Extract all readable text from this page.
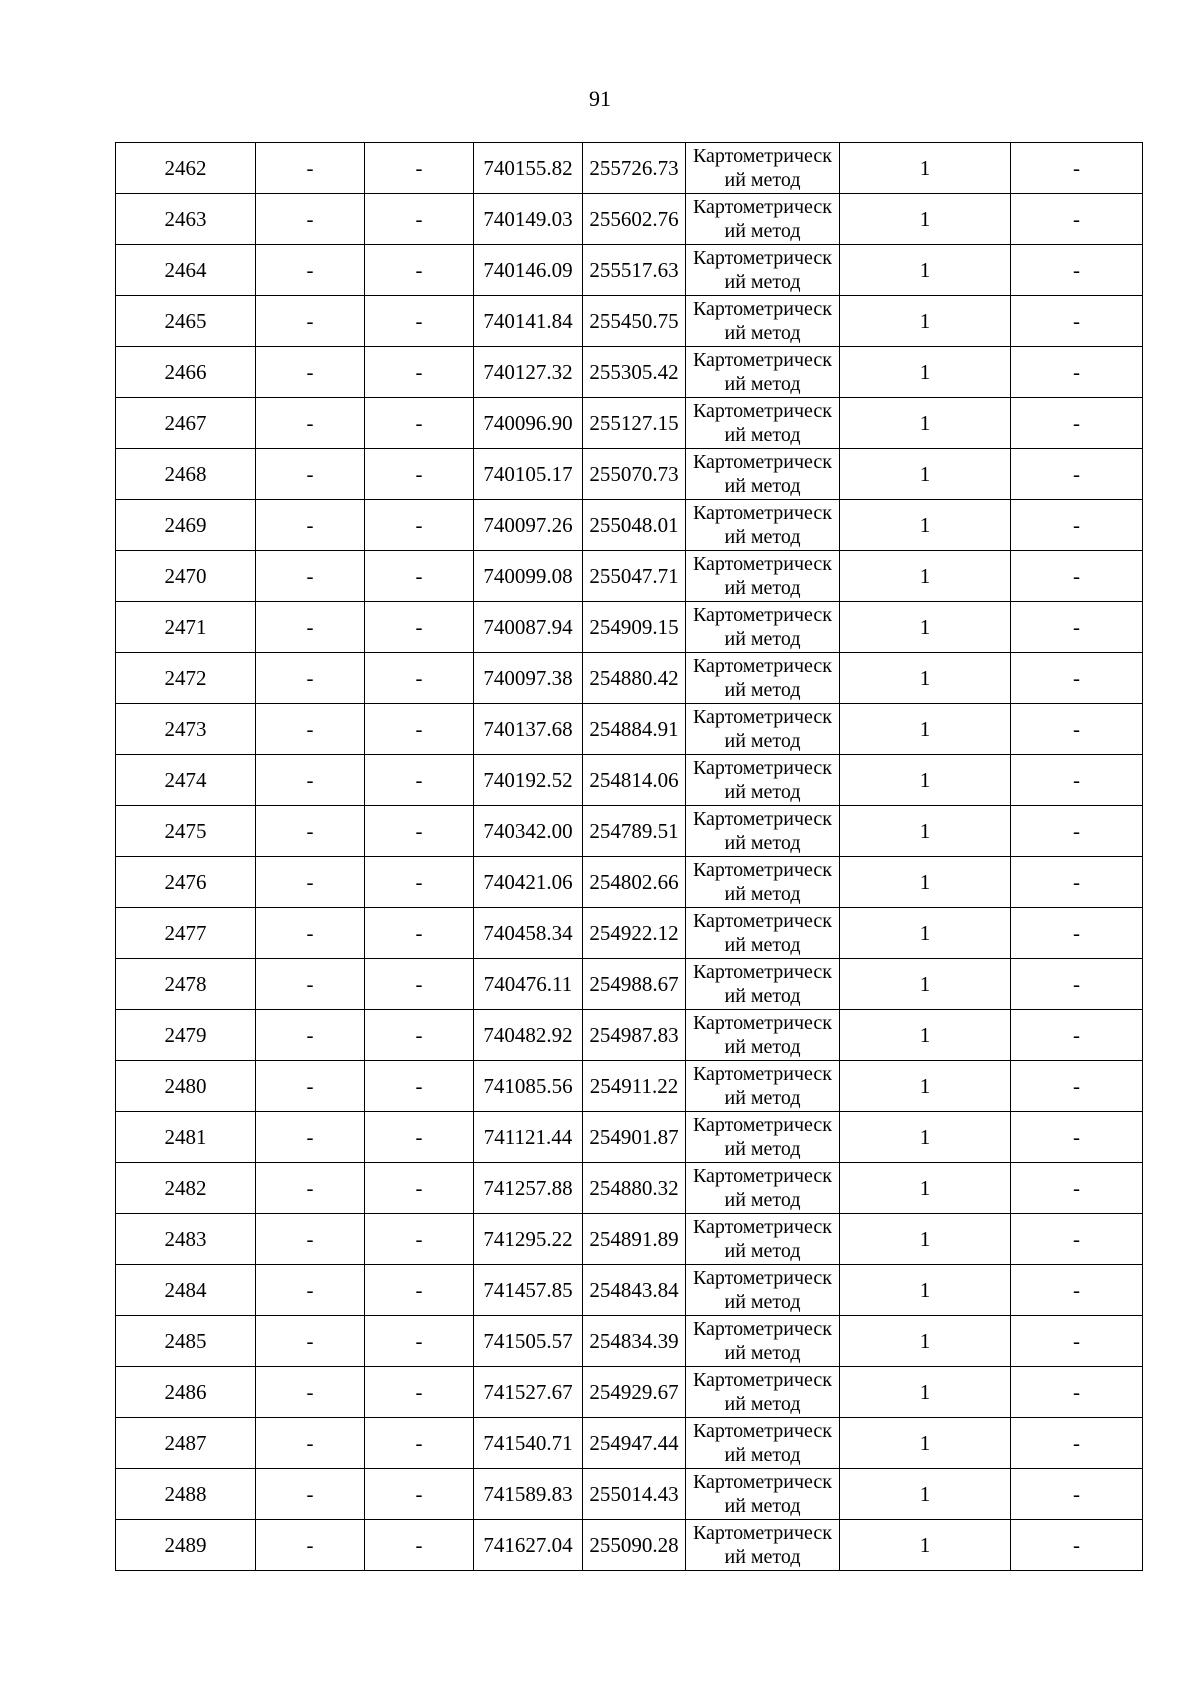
91
2462	-	-	740155.82	255726.73	Картометрический метод	1	-
2463	-	-	740149.03	255602.76	Картометрический метод	1	-
2464	-	-	740146.09	255517.63	Картометрический метод	1	-
2465	-	-	740141.84	255450.75	Картометрический метод	1	-
2466	-	-	740127.32	255305.42	Картометрический метод	1	-
2467	-	-	740096.90	255127.15	Картометрический метод	1	-
2468	-	-	740105.17	255070.73	Картометрический метод	1	-
2469	-	-	740097.26	255048.01	Картометрический метод	1	-
2470	-	-	740099.08	255047.71	Картометрический метод	1	-
2471	-	-	740087.94	254909.15	Картометрический метод	1	-
2472	-	-	740097.38	254880.42	Картометрический метод	1	-
2473	-	-	740137.68	254884.91	Картометрический метод	1	-
2474	-	-	740192.52	254814.06	Картометрический метод	1	-
2475	-	-	740342.00	254789.51	Картометрический метод	1	-
2476	-	-	740421.06	254802.66	Картометрический метод	1	-
2477	-	-	740458.34	254922.12	Картометрический метод	1	-
2478	-	-	740476.11	254988.67	Картометрический метод	1	-
2479	-	-	740482.92	254987.83	Картометрический метод	1	-
2480	-	-	741085.56	254911.22	Картометрический метод	1	-
2481	-	-	741121.44	254901.87	Картометрический метод	1	-
2482	-	-	741257.88	254880.32	Картометрический метод	1	-
2483	-	-	741295.22	254891.89	Картометрический метод	1	-
2484	-	-	741457.85	254843.84	Картометрический метод	1	-
2485	-	-	741505.57	254834.39	Картометрический метод	1	-
2486	-	-	741527.67	254929.67	Картометрический метод	1	-
2487	-	-	741540.71	254947.44	Картометрический метод	1	-
2488	-	-	741589.83	255014.43	Картометрический метод	1	-
2489	-	-	741627.04	255090.28	Картометрический метод	1	-
